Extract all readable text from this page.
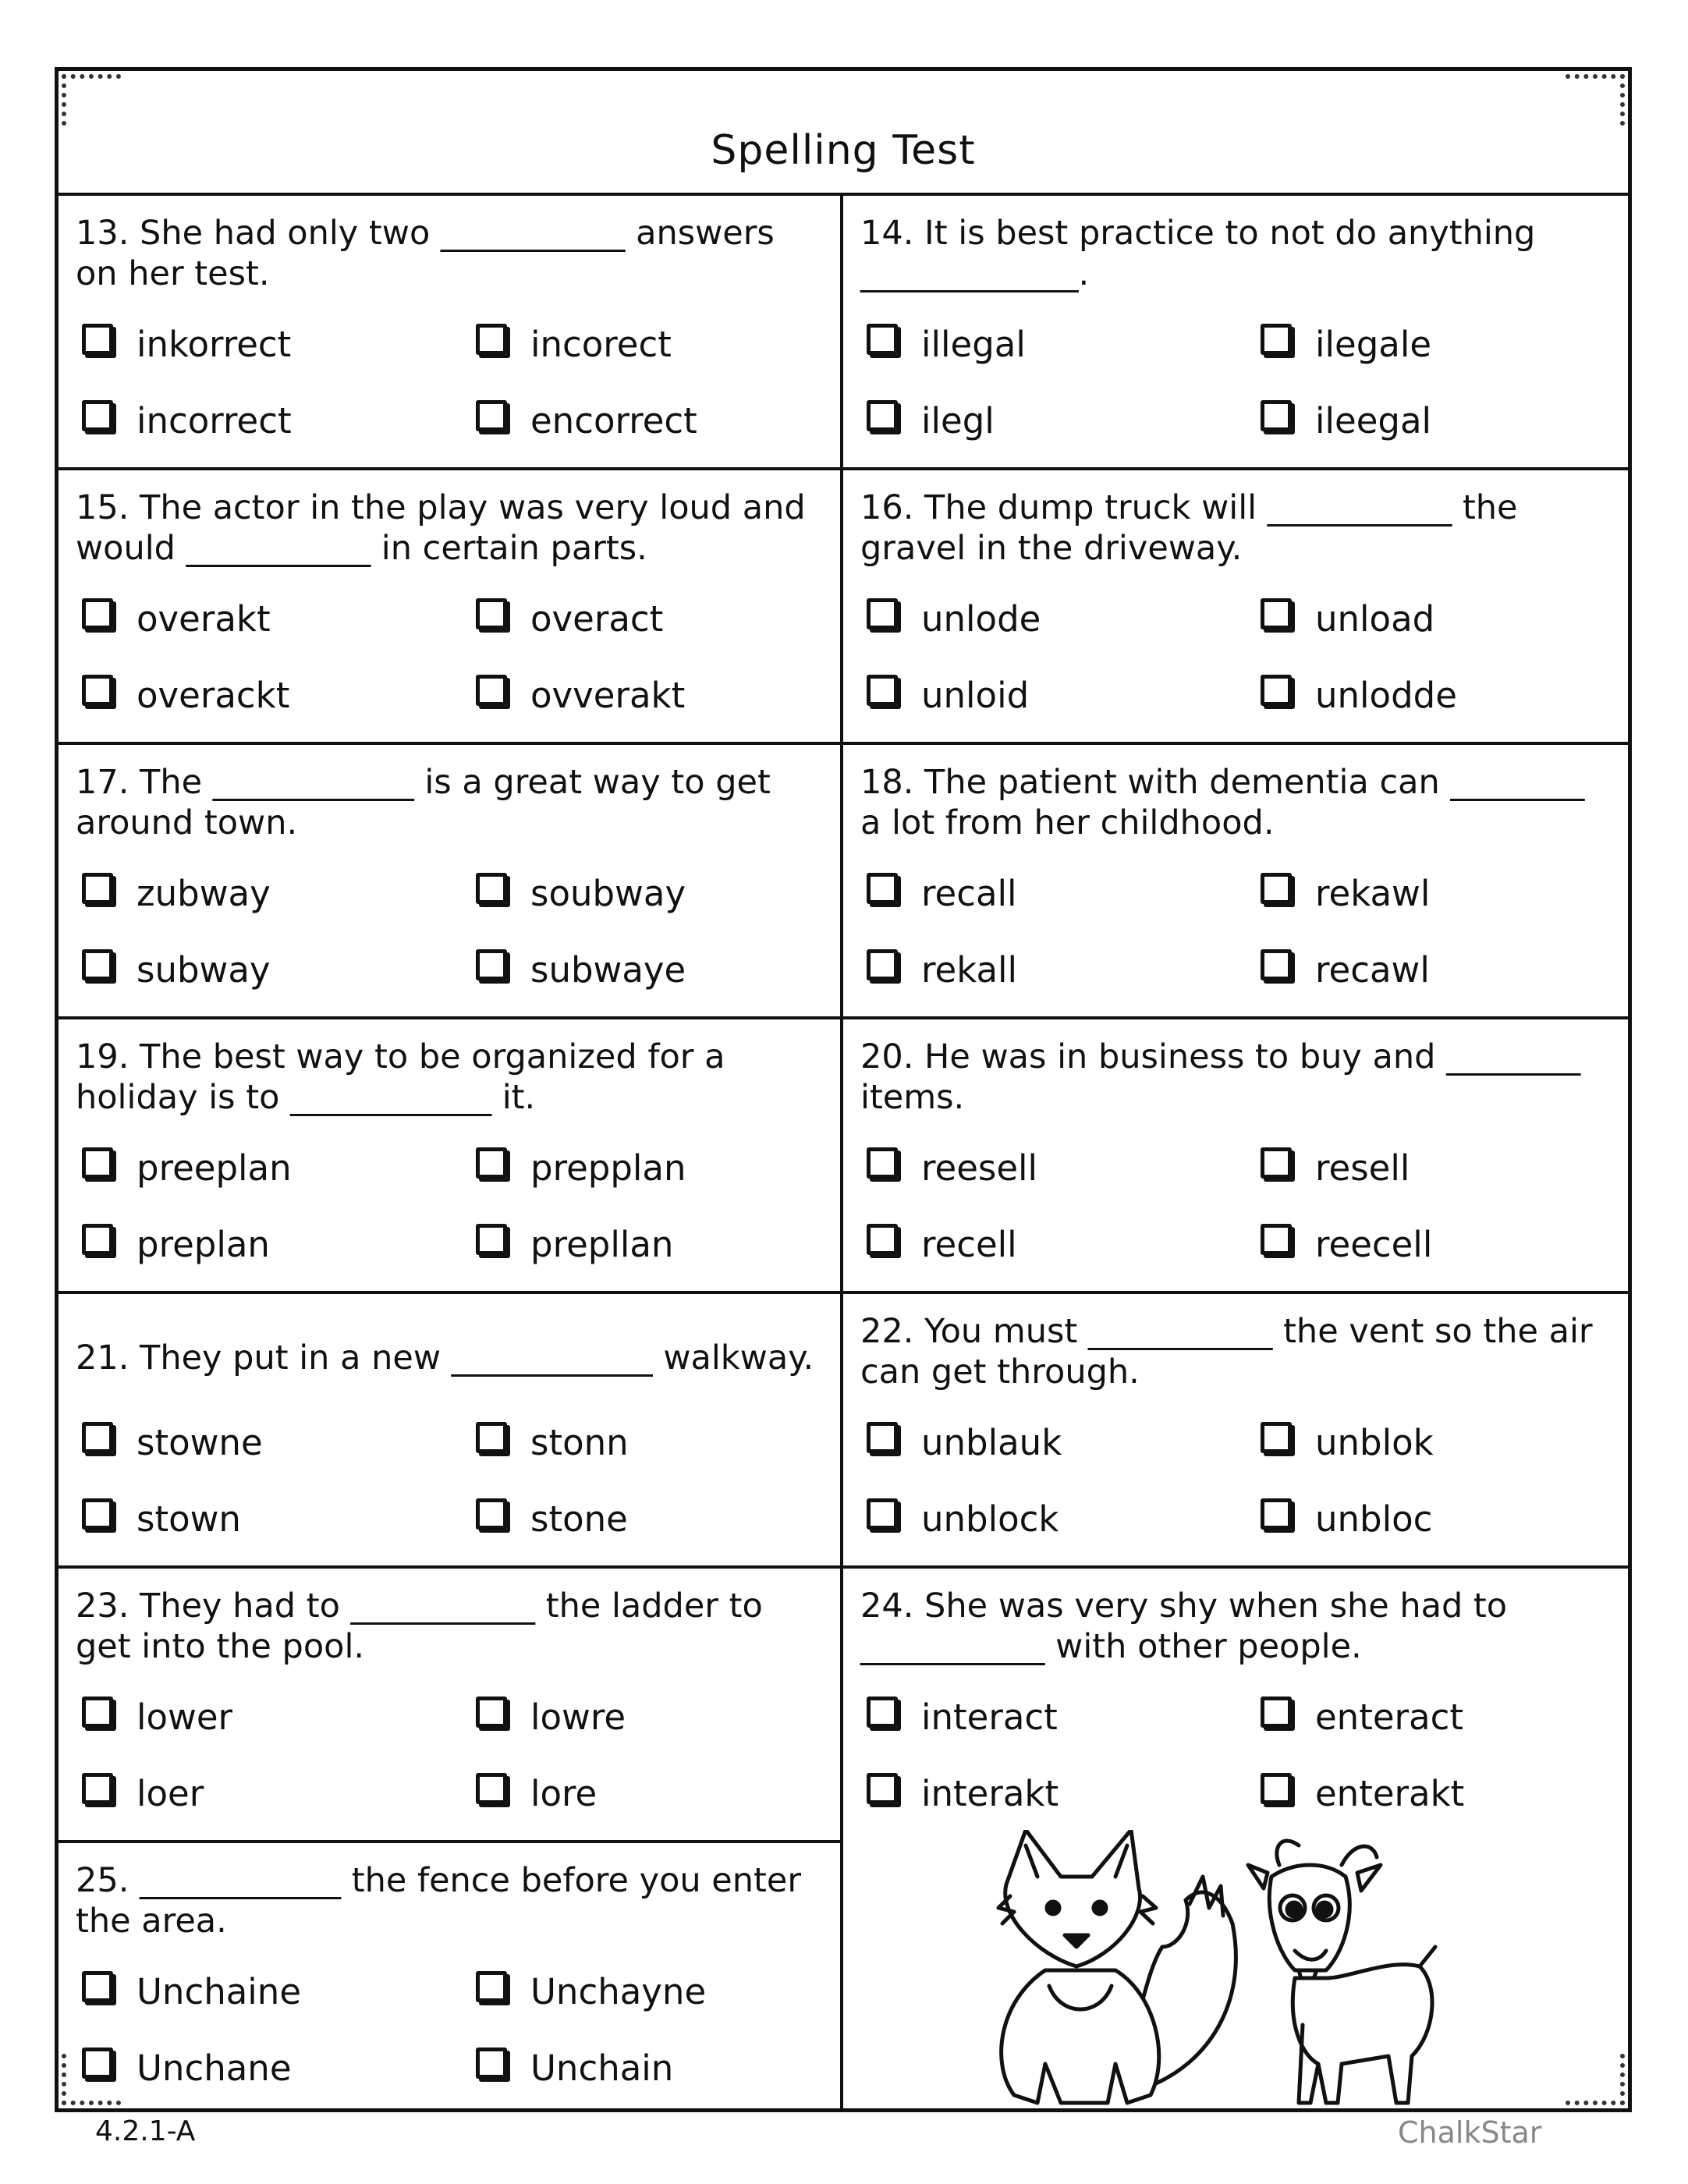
Spelling Test
13. She had only two ___________ answers on her test.
inkorrect	incorect
incorrect	encorrect
14. It is best practice to not do anything _____________.
illegal	ilegale
ilegl	ileegal
15. The actor in the play was very loud and would ___________ in certain parts.
overakt	overact
overackt	ovverakt
16. The dump truck will ___________ the gravel in the driveway.
unlode	unload
unloid	unlodde
17. The ____________ is a great way to get around town.
zubway	soubway
subway	subwaye
18. The patient with dementia can ________ a lot from her childhood.
recall	rekawl
rekall	recawl
19. The best way to be organized for a holiday is to ____________ it.
preeplan	prepplan
preplan	prepllan
20. He was in business to buy and ________ items.
reesell	resell
recell	reecell
21. They put in a new ____________ walkway.
stowne	stonn
stown	stone
22. You must ___________ the vent so the air can get through.
unblauk	unblok
unblock	unbloc
23. They had to ___________ the ladder to get into the pool.
lower	lowre
loer	lore
24. She was very shy when she had to ___________ with other people.
interact	enteract
interakt	enterakt
25. ____________ the fence before you enter the area.
Unchaine	Unchayne
Unchane	Unchain
4.2.1-A	ChalkStar
